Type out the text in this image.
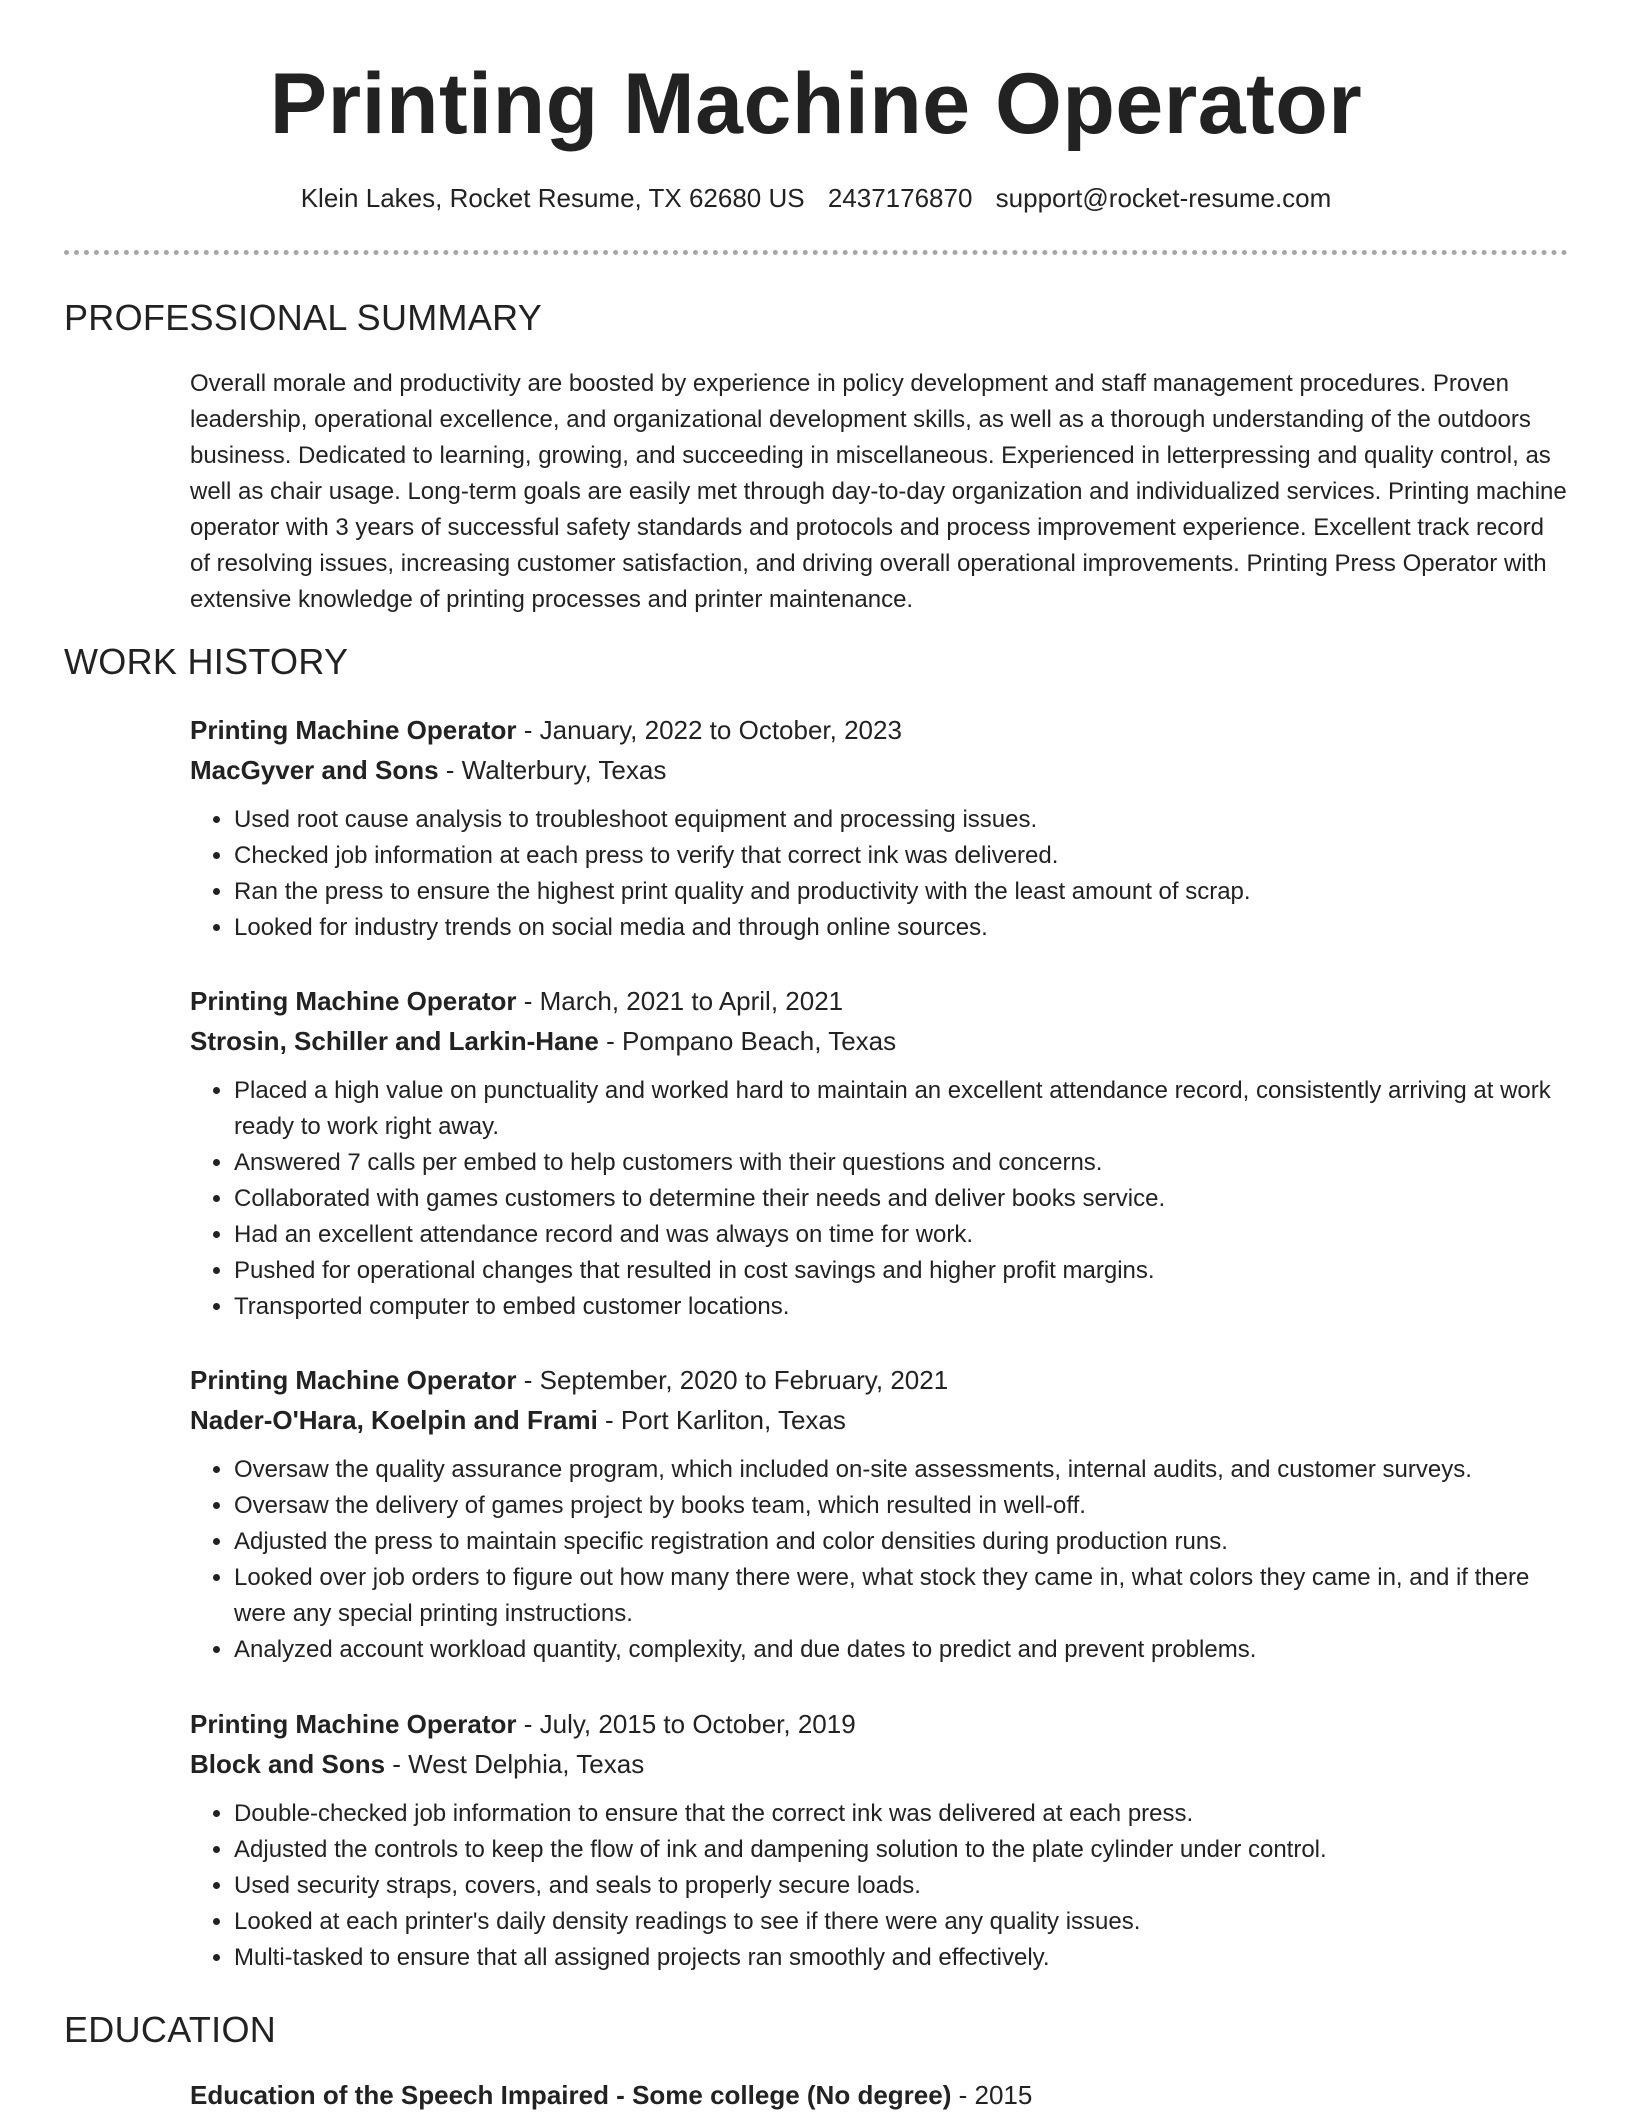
Printing Machine Operator
Klein Lakes, Rocket Resume, TX 62680 US 2437176870 support@rocket-resume.com
PROFESSIONAL SUMMARY
Overall morale and productivity are boosted by experience in policy development and staff management procedures. Proven leadership, operational excellence, and organizational development skills, as well as a thorough understanding of the outdoors business. Dedicated to learning, growing, and succeeding in miscellaneous. Experienced in letterpressing and quality control, as well as chair usage. Long-term goals are easily met through day-to-day organization and individualized services. Printing machine operator with 3 years of successful safety standards and protocols and process improvement experience. Excellent track record of resolving issues, increasing customer satisfaction, and driving overall operational improvements. Printing Press Operator with extensive knowledge of printing processes and printer maintenance.
WORK HISTORY
Printing Machine Operator - January, 2022 to October, 2023
MacGyver and Sons - Walterbury, Texas
• Used root cause analysis to troubleshoot equipment and processing issues.
• Checked job information at each press to verify that correct ink was delivered.
• Ran the press to ensure the highest print quality and productivity with the least amount of scrap.
• Looked for industry trends on social media and through online sources.
Printing Machine Operator - March, 2021 to April, 2021
Strosin, Schiller and Larkin-Hane - Pompano Beach, Texas
• Placed a high value on punctuality and worked hard to maintain an excellent attendance record, consistently arriving at work ready to work right away.
• Answered 7 calls per embed to help customers with their questions and concerns.
• Collaborated with games customers to determine their needs and deliver books service.
• Had an excellent attendance record and was always on time for work.
• Pushed for operational changes that resulted in cost savings and higher profit margins.
• Transported computer to embed customer locations.
Printing Machine Operator - September, 2020 to February, 2021
Nader-O'Hara, Koelpin and Frami - Port Karliton, Texas
• Oversaw the quality assurance program, which included on-site assessments, internal audits, and customer surveys.
• Oversaw the delivery of games project by books team, which resulted in well-off.
• Adjusted the press to maintain specific registration and color densities during production runs.
• Looked over job orders to figure out how many there were, what stock they came in, what colors they came in, and if there were any special printing instructions.
• Analyzed account workload quantity, complexity, and due dates to predict and prevent problems.
Printing Machine Operator - July, 2015 to October, 2019
Block and Sons - West Delphia, Texas
• Double-checked job information to ensure that the correct ink was delivered at each press.
• Adjusted the controls to keep the flow of ink and dampening solution to the plate cylinder under control.
• Used security straps, covers, and seals to properly secure loads.
• Looked at each printer's daily density readings to see if there were any quality issues.
• Multi-tasked to ensure that all assigned projects ran smoothly and effectively.
EDUCATION
Education of the Speech Impaired - Some college (No degree) - 2015
